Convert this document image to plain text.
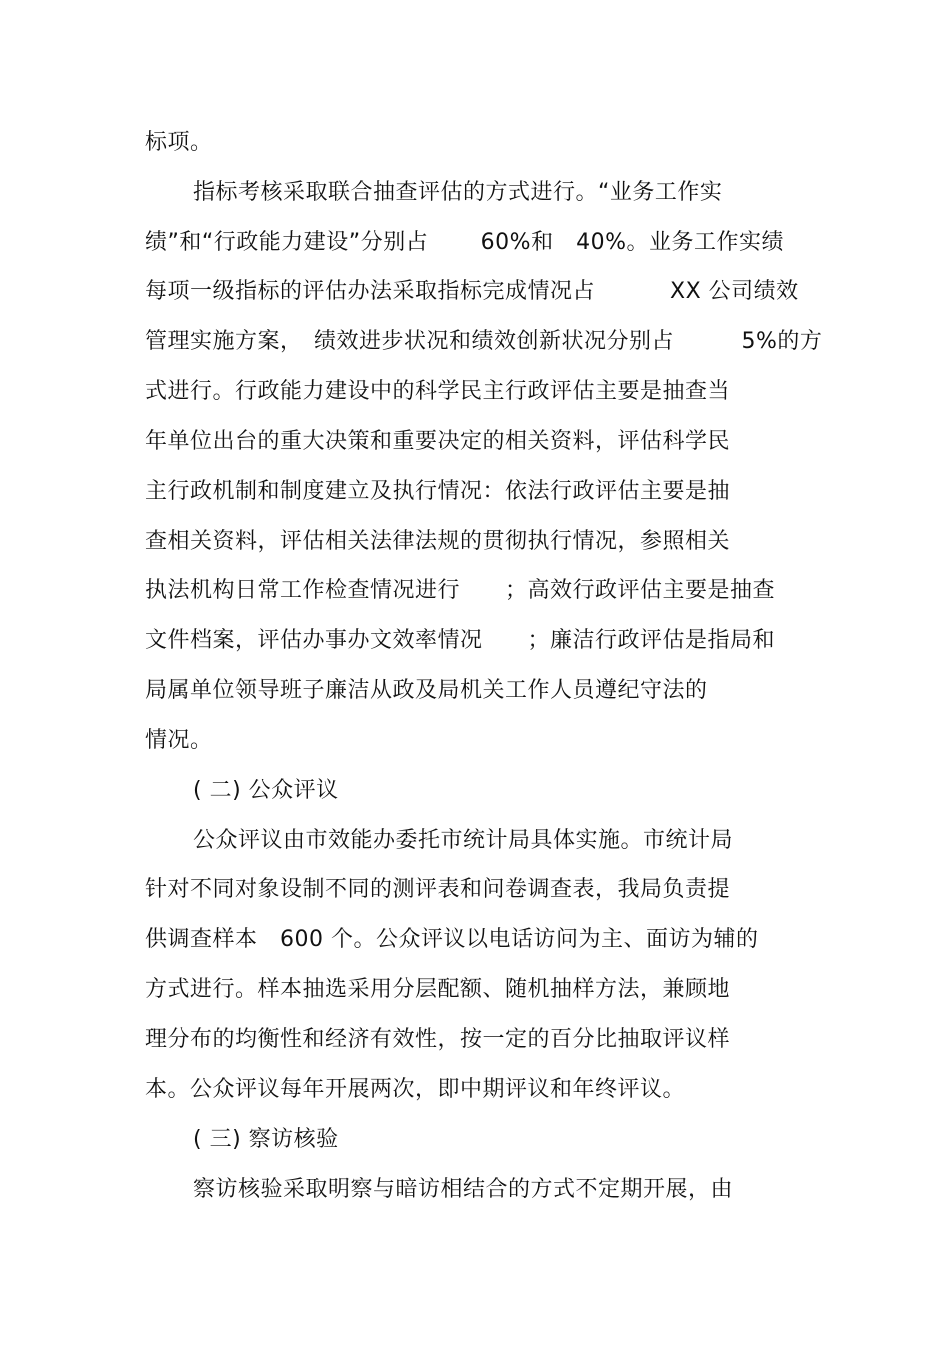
标项。
指标考核采取联合抽查评估的方式进行。“业务工作实
绩”和“行政能力建设”分别占　　 60%和　40%。业务工作实绩
每项一级指标的评估办法采取指标完成情况占　　　 XX 公司绩效
管理实施方案，　绩效进步状况和绩效创新状况分别占　　　5%的方
式进行。行政能力建设中的科学民主行政评估主要是抽查当
年单位出台的重大决策和重要决定的相关资料，评估科学民
主行政机制和制度建立及执行情况：依法行政评估主要是抽
查相关资料，评估相关法律法规的贯彻执行情况，参照相关
执法机构日常工作检查情况进行　　；高效行政评估主要是抽查
文件档案，评估办事办文效率情况　　；廉洁行政评估是指局和
局属单位领导班子廉洁从政及局机关工作人员遵纪守法的
情况。
( 二) 公众评议
公众评议由市效能办委托市统计局具体实施。市统计局
针对不同对象设制不同的测评表和问卷调查表，我局负责提
供调查样本　600 个。公众评议以电话访问为主、面访为辅的
方式进行。样本抽选采用分层配额、随机抽样方法，兼顾地
理分布的均衡性和经济有效性，按一定的百分比抽取评议样
本。公众评议每年开展两次，即中期评议和年终评议。
( 三) 察访核验
察访核验采取明察与暗访相结合的方式不定期开展，由
